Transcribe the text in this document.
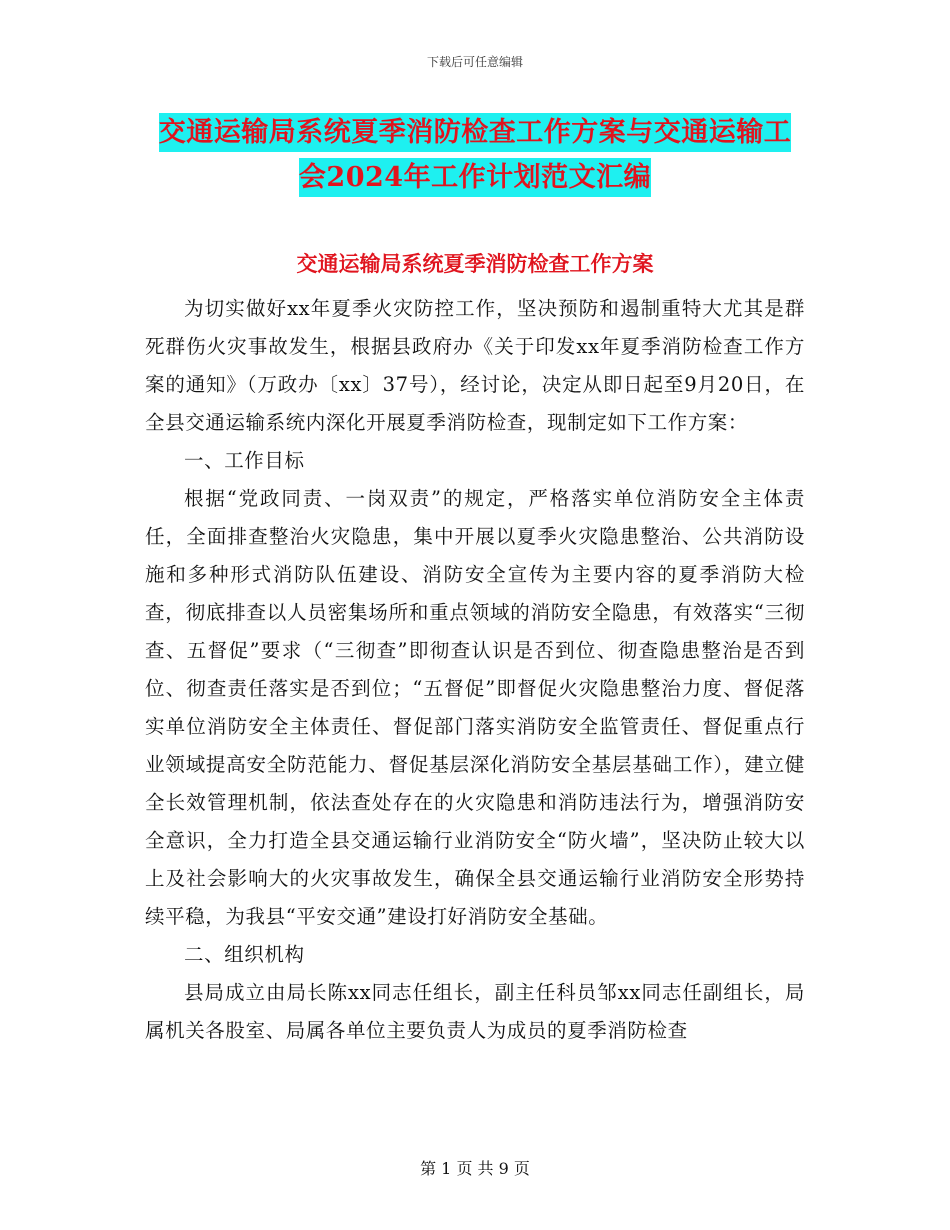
下载后可任意编辑
交通运输局系统夏季消防检查工作方案与交通运输工
会2024年工作计划范文汇编
交通运输局系统夏季消防检查工作方案

为切实做好xx年夏季火灾防控工作，坚决预防和遏制重特大尤其是群死群伤火灾事故发生，根据县政府办《关于印发xx年夏季消防检查工作方案的通知》（万政办〔xx〕37号），经讨论，决定从即日起至9月20日，在全县交通运输系统内深化开展夏季消防检查，现制定如下工作方案：

一、工作目标

根据“党政同责、一岗双责”的规定，严格落实单位消防安全主体责任，全面排查整治火灾隐患，集中开展以夏季火灾隐患整治、公共消防设施和多种形式消防队伍建设、消防安全宣传为主要内容的夏季消防大检查，彻底排查以人员密集场所和重点领域的消防安全隐患，有效落实“三彻查、五督促”要求（“三彻查”即彻查认识是否到位、彻查隐患整治是否到位、彻查责任落实是否到位；“五督促”即督促火灾隐患整治力度、督促落实单位消防安全主体责任、督促部门落实消防安全监管责任、督促重点行业领域提高安全防范能力、督促基层深化消防安全基层基础工作），建立健全长效管理机制，依法查处存在的火灾隐患和消防违法行为，增强消防安全意识，全力打造全县交通运输行业消防安全“防火墙”，坚决防止较大以上及社会影响大的火灾事故发生，确保全县交通运输行业消防安全形势持续平稳，为我县“平安交通”建设打好消防安全基础。

二、组织机构

县局成立由局长陈xx同志任组长，副主任科员邹xx同志任副组长，局属机关各股室、局属各单位主要负责人为成员的夏季消防检查

第 1 页 共 9 页
